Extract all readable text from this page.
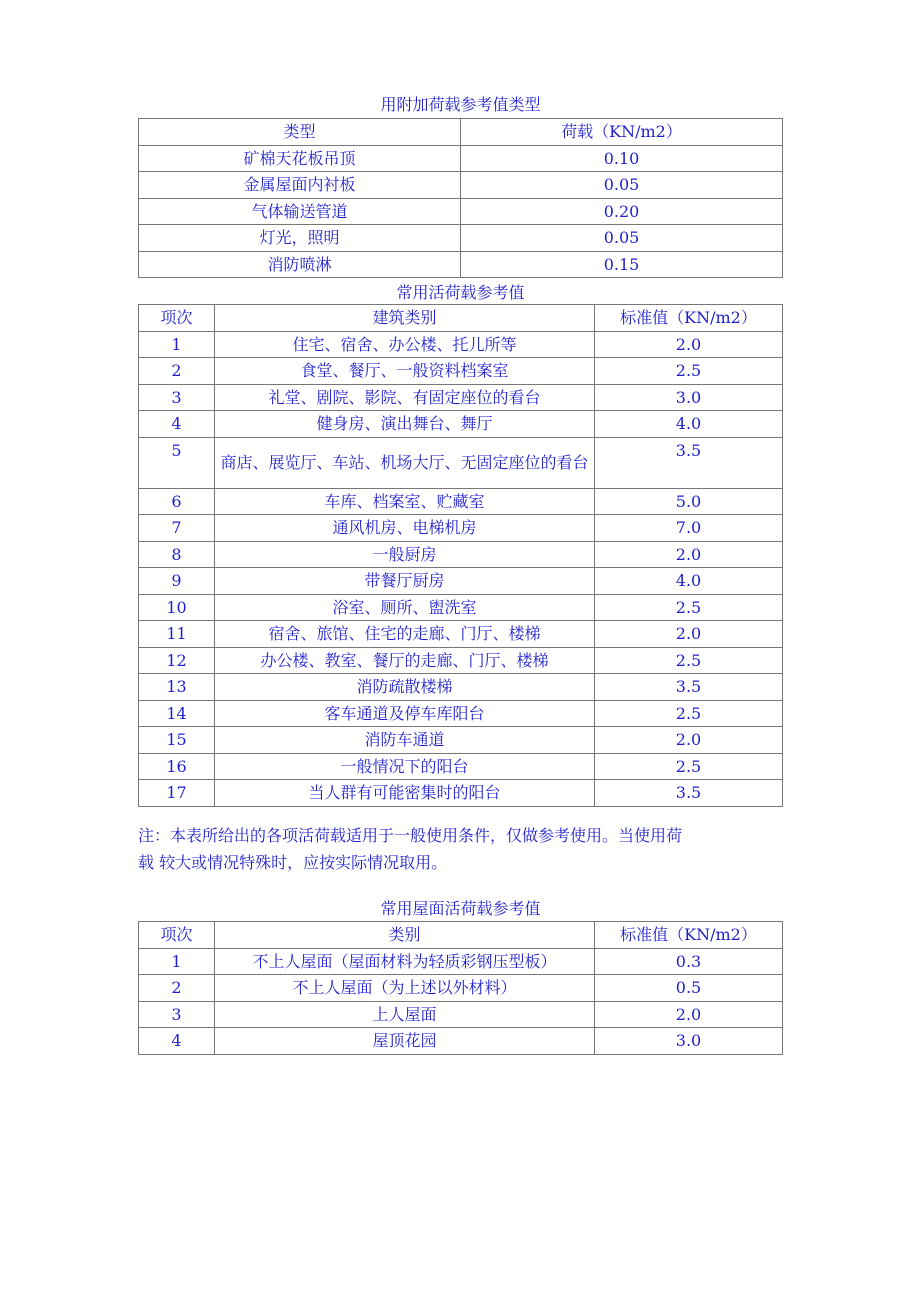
用附加荷载参考值类型
类型	荷载（KN/m2）
矿棉天花板吊顶	0.10
金属屋面内衬板	0.05
气体输送管道	0.20
灯光，照明	0.05
消防喷淋	0.15
常用活荷载参考值
项次	建筑类别	标准值（KN/m2）
1	住宅、宿舍、办公楼、托儿所等	2.0
2	食堂、餐厅、一般资料档案室	2.5
3	礼堂、剧院、影院、有固定座位的看台	3.0
4	健身房、演出舞台、舞厅	4.0
5	商店、展览厅、车站、机场大厅、无固定座位的看台	3.5
6	车库、档案室、贮藏室	5.0
7	通风机房、电梯机房	7.0
8	一般厨房	2.0
9	带餐厅厨房	4.0
10	浴室、厕所、盥洗室	2.5
11	宿舍、旅馆、住宅的走廊、门厅、楼梯	2.0
12	办公楼、教室、餐厅的走廊、门厅、楼梯	2.5
13	消防疏散楼梯	3.5
14	客车通道及停车库阳台	2.5
15	消防车通道	2.0
16	一般情况下的阳台	2.5
17	当人群有可能密集时的阳台	3.5
注：本表所给出的各项活荷载适用于一般使用条件，仅做参考使用。当使用荷
载 较大或情况特殊时，应按实际情况取用。
常用屋面活荷载参考值
项次	类别	标准值（KN/m2）
1	不上人屋面（屋面材料为轻质彩钢压型板）	0.3
2	不上人屋面（为上述以外材料）	0.5
3	上人屋面	2.0
4	屋顶花园	3.0
